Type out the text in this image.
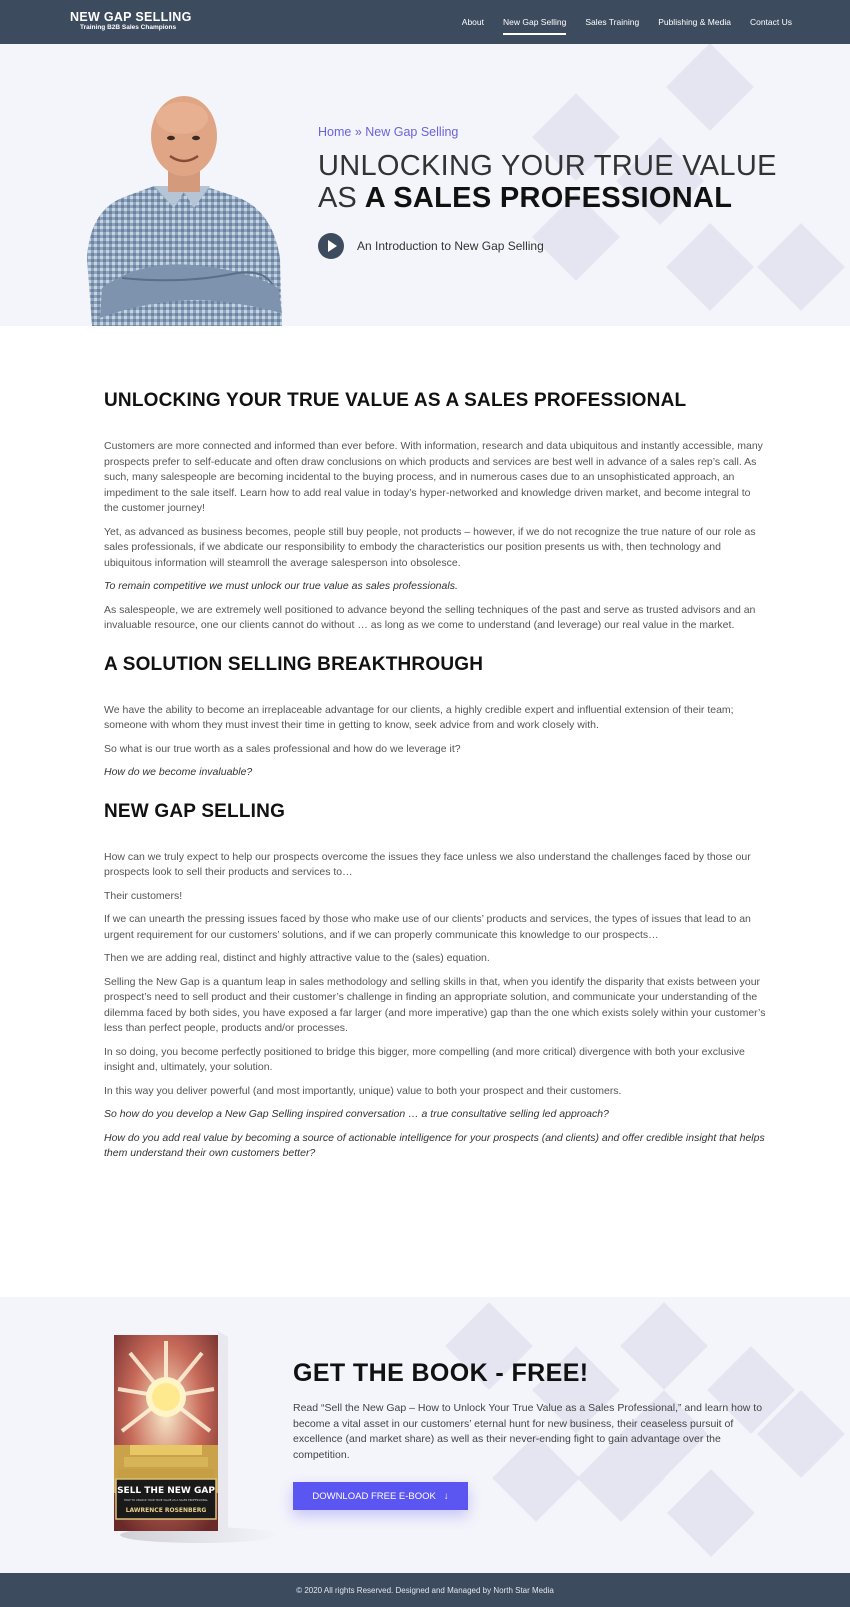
NEW GAP SELLING
Training B2B Sales Champions
About New Gap Selling Sales Training Publishing & Media Contact Us
Home » New Gap Selling
UNLOCKING YOUR TRUE VALUE
AS A SALES PROFESSIONAL
An Introduction to New Gap Selling
UNLOCKING YOUR TRUE VALUE AS A SALES PROFESSIONAL

Customers are more connected and informed than ever before. With information, research and data ubiquitous and instantly accessible, many prospects prefer to self-educate and often draw conclusions on which products and services are best well in advance of a sales rep’s call. As such, many salespeople are becoming incidental to the buying process, and in numerous cases due to an unsophisticated approach, an impediment to the sale itself. Learn how to add real value in today’s hyper-networked and knowledge driven market, and become integral to the customer journey!

Yet, as advanced as business becomes, people still buy people, not products – however, if we do not recognize the true nature of our role as sales professionals, if we abdicate our responsibility to embody the characteristics our position presents us with, then technology and ubiquitous information will steamroll the average salesperson into obsolesce.

To remain competitive we must unlock our true value as sales professionals.

As salespeople, we are extremely well positioned to advance beyond the selling techniques of the past and serve as trusted advisors and an invaluable resource, one our clients cannot do without … as long as we come to understand (and leverage) our real value in the market.

A SOLUTION SELLING BREAKTHROUGH

We have the ability to become an irreplaceable advantage for our clients, a highly credible expert and influential extension of their team; someone with whom they must invest their time in getting to know, seek advice from and work closely with.

So what is our true worth as a sales professional and how do we leverage it?

How do we become invaluable?

NEW GAP SELLING

How can we truly expect to help our prospects overcome the issues they face unless we also understand the challenges faced by those our prospects look to sell their products and services to…

Their customers!

If we can unearth the pressing issues faced by those who make use of our clients’ products and services, the types of issues that lead to an urgent requirement for our customers’ solutions, and if we can properly communicate this knowledge to our prospects…

Then we are adding real, distinct and highly attractive value to the (sales) equation.

Selling the New Gap is a quantum leap in sales methodology and selling skills in that, when you identify the disparity that exists between your prospect’s need to sell product and their customer’s challenge in finding an appropriate solution, and communicate your understanding of the dilemma faced by both sides, you have exposed a far larger (and more imperative) gap than the one which exists solely within your customer’s less than perfect people, products and/or processes.

In so doing, you become perfectly positioned to bridge this bigger, more compelling (and more critical) divergence with both your exclusive insight and, ultimately, your solution.

In this way you deliver powerful (and most importantly, unique) value to both your prospect and their customers.

So how do you develop a New Gap Selling inspired conversation … a true consultative selling led approach?

How do you add real value by becoming a source of actionable intelligence for your prospects (and clients) and offer credible insight that helps them understand their own customers better?

SELL THE NEW GAP
HOW TO UNLOCK YOUR TRUE VALUE AS A SALES PROFESSIONAL
LAWRENCE ROSENBERG
GET THE BOOK - FREE!
Read “Sell the New Gap – How to Unlock Your True Value as a Sales Professional,” and learn how to become a vital asset in our customers’ eternal hunt for new business, their ceaseless pursuit of excellence (and market share) as well as their never-ending fight to gain advantage over the competition.
DOWNLOAD FREE E-BOOK ↓
© 2020 All rights Reserved. Designed and Managed by North Star Media
